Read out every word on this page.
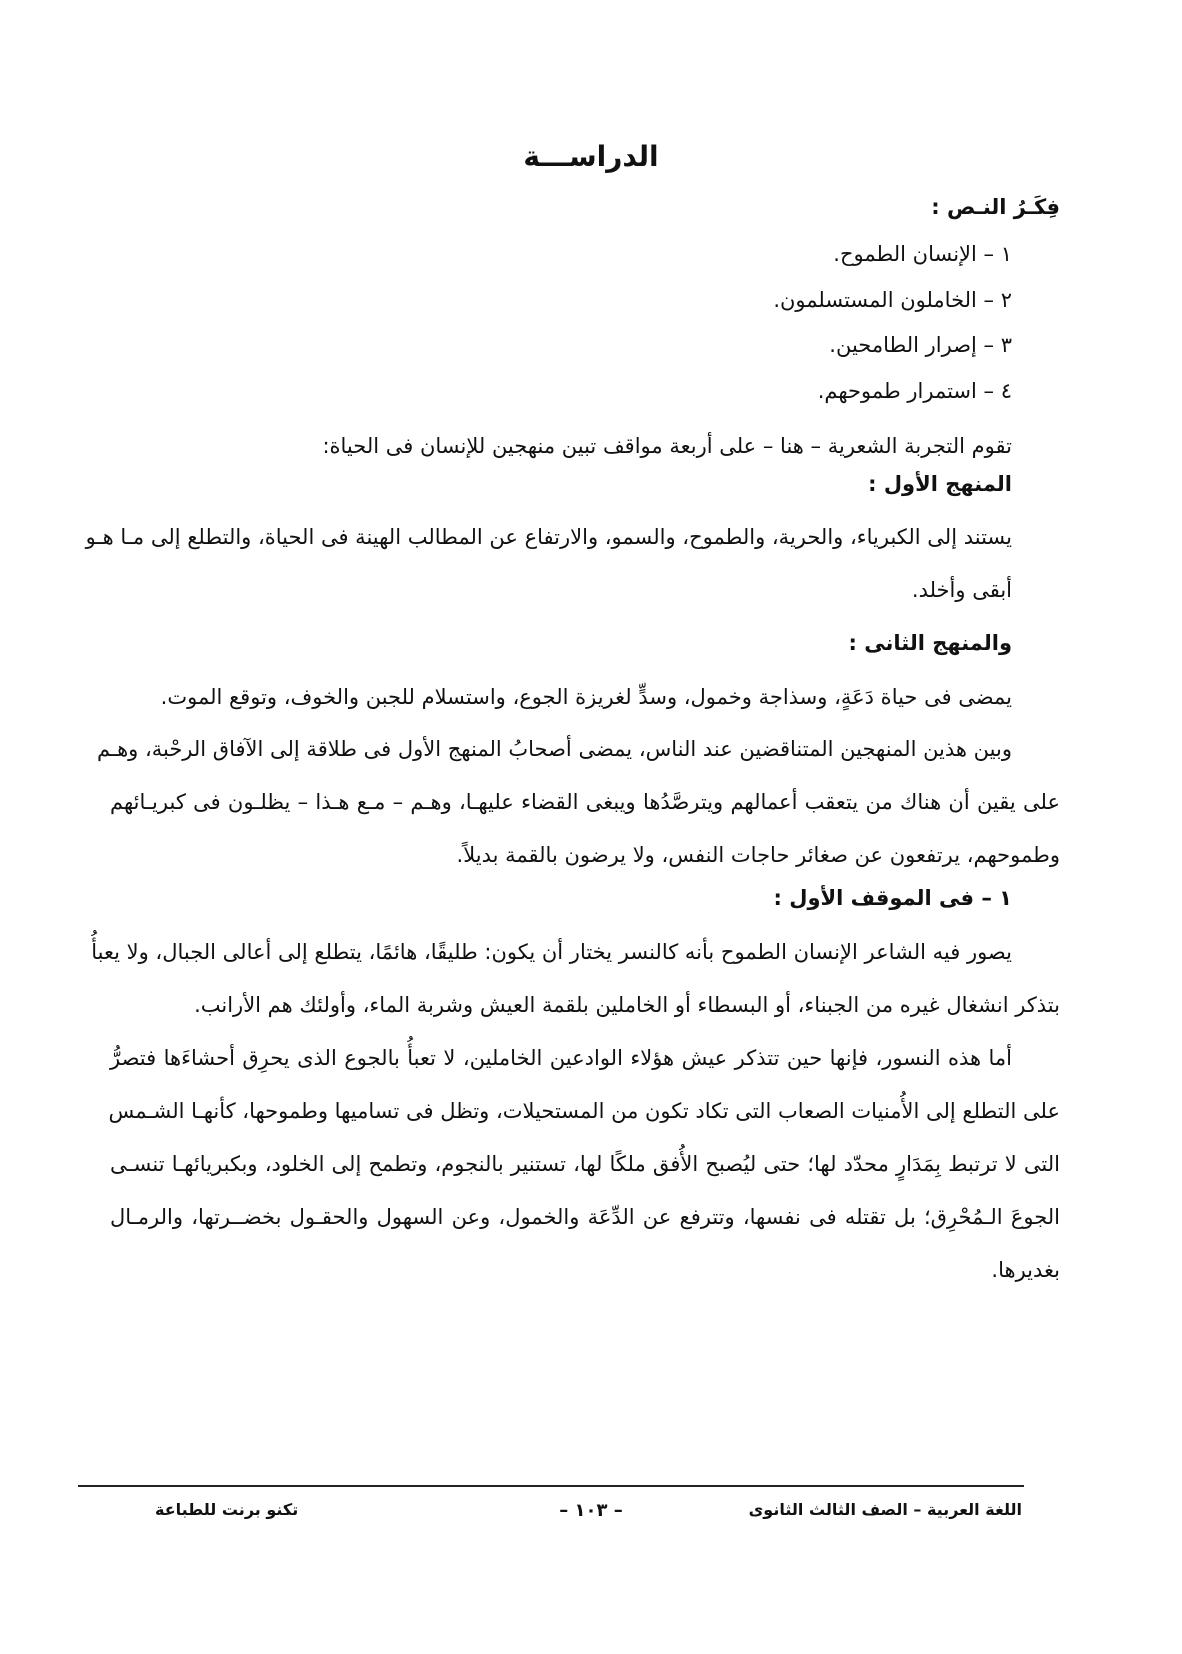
الدراســـة
فِكَـرُ النـص :
١ – الإنسان الطموح.
٢ – الخاملون المستسلمون.
٣ – إصرار الطامحين.
٤ – استمرار طموحهم.
تقوم التجربة الشعرية – هنا – على أربعة مواقف تبين منهجين للإنسان فى الحياة:
المنهج الأول :
يستند إلى الكبرياء، والحرية، والطموح، والسمو، والارتفاع عن المطالب الهينة فى الحياة، والتطلع إلى مـا هـو
أبقى وأخلد.
والمنهج الثانى :
يمضى فى حياة دَعَةٍ، وسذاجة وخمول، وسدٍّ لغريزة الجوع، واستسلام للجبن والخوف، وتوقع الموت.
وبين هذين المنهجين المتناقضين عند الناس، يمضى أصحابُ المنهج الأول فى طلاقة إلى الآفاق الرحْبة، وهـم
على يقين أن هناك من يتعقب أعمالهم ويترصَّدُها ويبغى القضاء عليهـا، وهـم – مـع هـذا – يظلـون فى كبريـائهم
وطموحهم، يرتفعون عن صغائر حاجات النفس، ولا يرضون بالقمة بديلاً.
١ – فى الموقف الأول :
يصور فيه الشاعر الإنسان الطموح بأنه كالنسر يختار أن يكون: طليقًا، هائمًا، يتطلع إلى أعالى الجبال، ولا يعبأُ
بتذكر انشغال غيره من الجبناء، أو البسطاء أو الخاملين بلقمة العيش وشربة الماء، وأولئك هم الأرانب.
أما هذه النسور، فإنها حين تتذكر عيش هؤلاء الوادعين الخاملين، لا تعبأُ بالجوع الذى يحرِق أحشاءَها فتصرُّ
على التطلع إلى الأُمنيات الصعاب التى تكاد تكون من المستحيلات، وتظل فى تساميها وطموحها، كأنهـا الشـمس
التى لا ترتبط بِمَدَارٍ محدّد لها؛ حتى ليُصبح الأُفق ملكًا لها، تستنير بالنجوم، وتطمح إلى الخلود، وبكبريائهـا تنسـى
الجوعَ الـمُحْرِق؛ بل تقتله فى نفسها، وتترفع عن الدِّعَة والخمول، وعن السهول والحقـول بخضــرتها، والرمـال
بغديرها.
اللغة العربية – الصف الثالث الثانوى
– ١٠٣ –
تكنو برنت للطباعة
